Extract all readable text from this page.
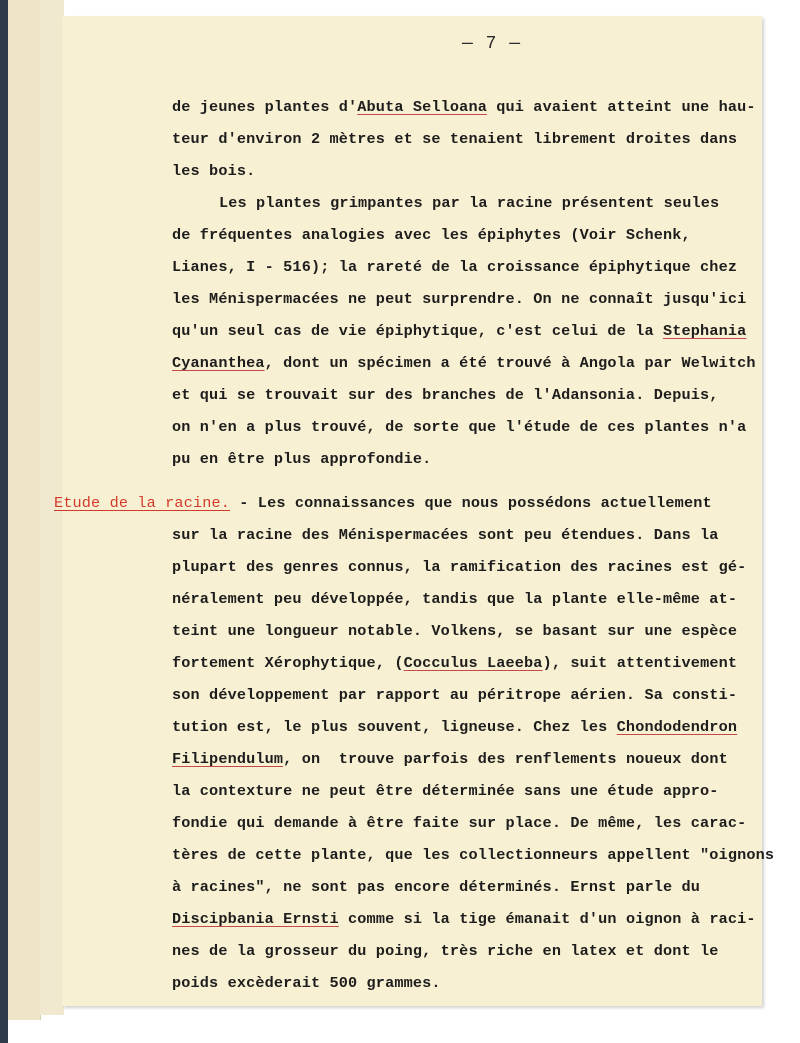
— 7 —
de jeunes plantes d'Abuta Selloana qui avaient atteint une hau-
teur d'environ 2 mètres et se tenaient librement droites dans
les bois.
Les plantes grimpantes par la racine présentent seules
de fréquentes analogies avec les épiphytes (Voir Schenk,
Lianes, I - 516); la rareté de la croissance épiphytique chez
les Ménispermacées ne peut surprendre. On ne connaît jusqu'ici
qu'un seul cas de vie épiphytique, c'est celui de la Stephania
Cyananthea, dont un spécimen a été trouvé à Angola par Welwitch
et qui se trouvait sur des branches de l'Adansonia. Depuis,
on n'en a plus trouvé, de sorte que l'étude de ces plantes n'a
pu en être plus approfondie.
Etude de la racine. - Les connaissances que nous possédons actuellement
sur la racine des Ménispermacées sont peu étendues. Dans la
plupart des genres connus, la ramification des racines est gé-
néralement peu développée, tandis que la plante elle-même at-
teint une longueur notable. Volkens, se basant sur une espèce
fortement Xérophytique, (Cocculus Laeeba), suit attentivement
son développement par rapport au péritrope aérien. Sa consti-
tution est, le plus souvent, ligneuse. Chez les Chondodendron
Filipendulum, on  trouve parfois des renflements noueux dont
la contexture ne peut être déterminée sans une étude appro-
fondie qui demande à être faite sur place. De même, les carac-
tères de cette plante, que les collectionneurs appellent "oignons
à racines", ne sont pas encore déterminés. Ernst parle du
Discipbania Ernsti comme si la tige émanait d'un oignon à raci-
nes de la grosseur du poing, très riche en latex et dont le
poids excèderait 500 grammes.
